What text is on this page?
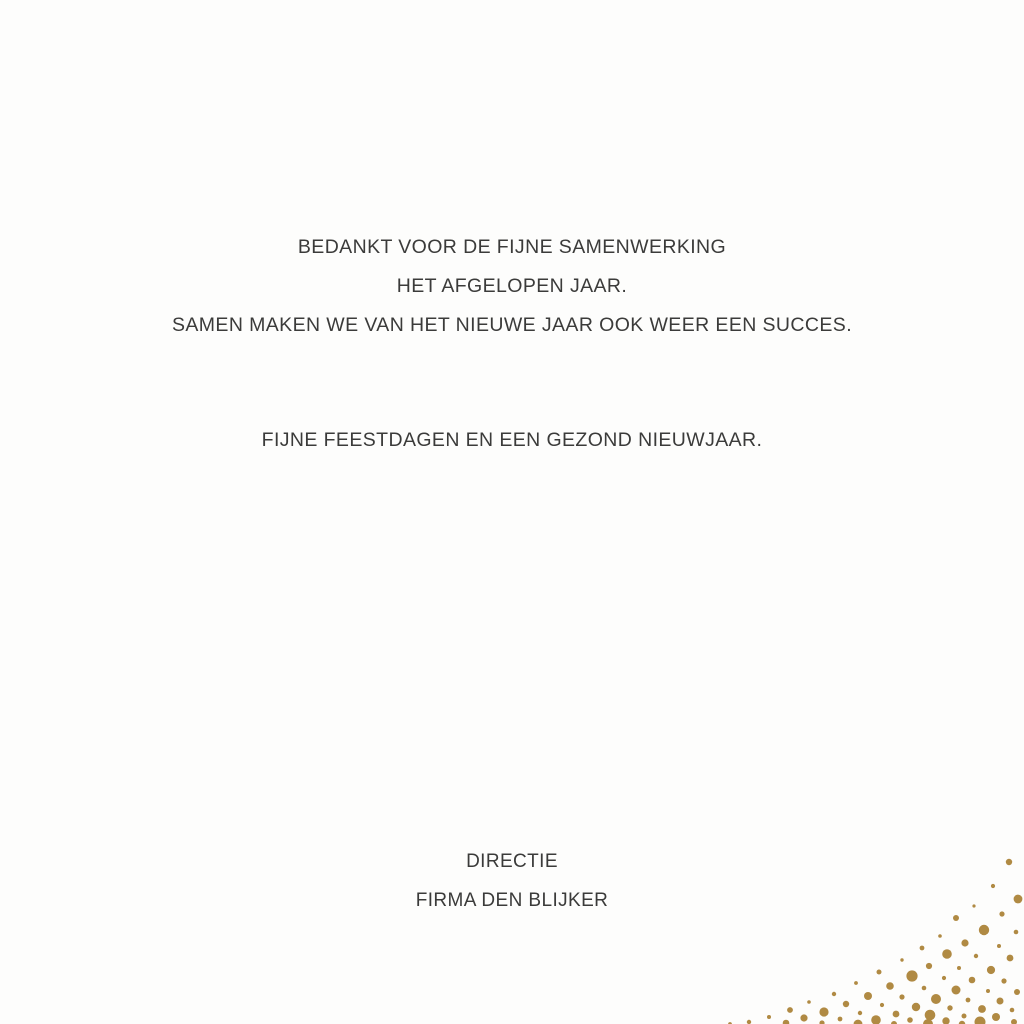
BEDANKT VOOR DE FIJNE SAMENWERKING
HET AFGELOPEN JAAR.
SAMEN MAKEN WE VAN HET NIEUWE JAAR OOK WEER EEN SUCCES.
FIJNE FEESTDAGEN EN EEN GEZOND NIEUWJAAR.
DIRECTIE
FIRMA DEN BLIJKER
